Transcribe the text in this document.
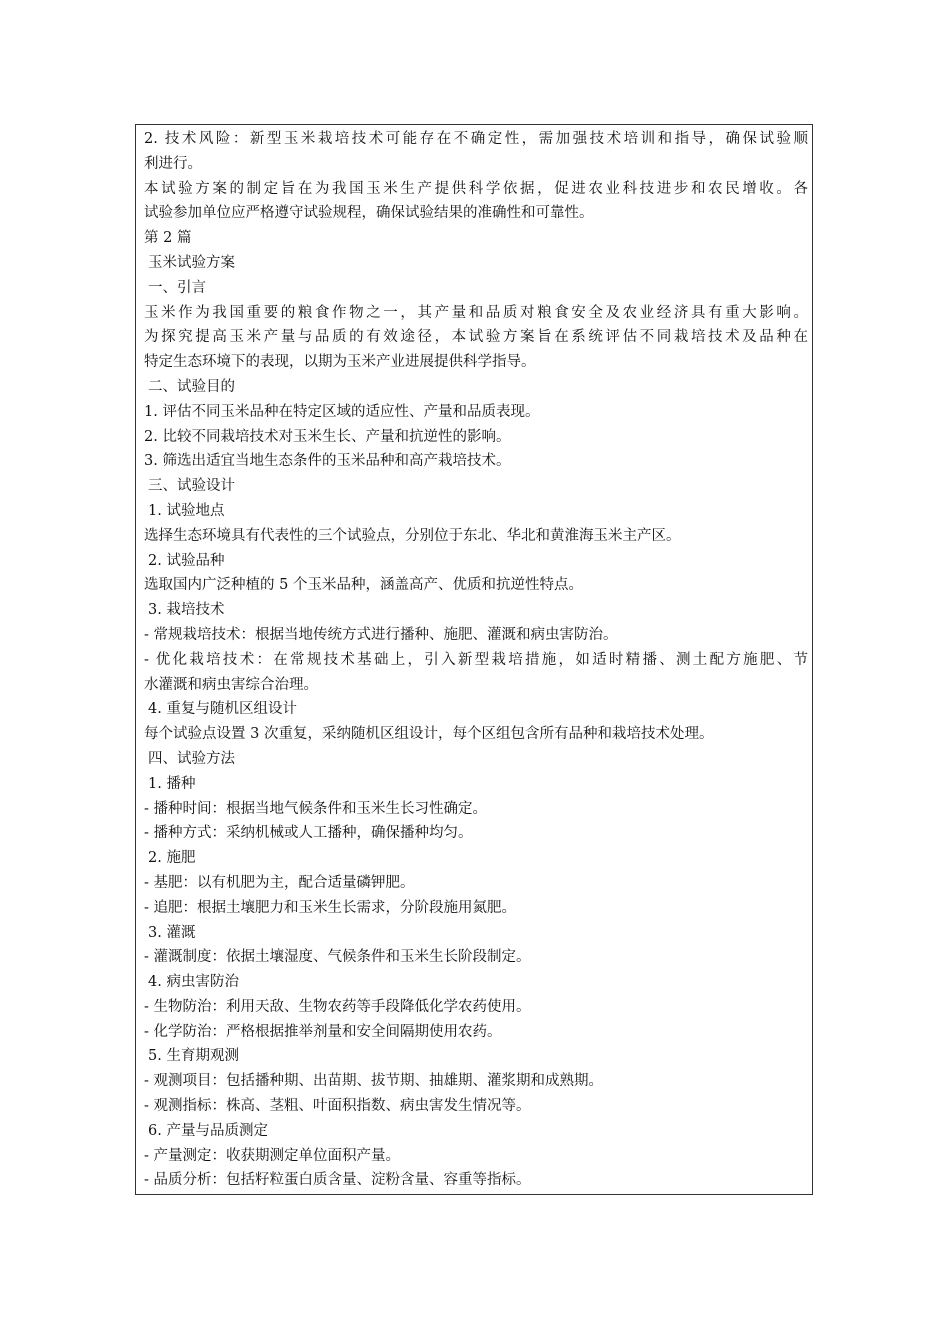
2. 技术风险：新型玉米栽培技术可能存在不确定性，需加强技术培训和指导，确保试验顺
利进行。
本试验方案的制定旨在为我国玉米生产提供科学依据，促进农业科技进步和农民增收。各
试验参加单位应严格遵守试验规程，确保试验结果的准确性和可靠性。
第 2 篇
玉米试验方案
一、引言
玉米作为我国重要的粮食作物之一，其产量和品质对粮食安全及农业经济具有重大影响。
为探究提高玉米产量与品质的有效途径，本试验方案旨在系统评估不同栽培技术及品种在
特定生态环境下的表现，以期为玉米产业进展提供科学指导。
二、试验目的
1. 评估不同玉米品种在特定区域的适应性、产量和品质表现。
2. 比较不同栽培技术对玉米生长、产量和抗逆性的影响。
3. 筛选出适宜当地生态条件的玉米品种和高产栽培技术。
三、试验设计
1. 试验地点
选择生态环境具有代表性的三个试验点，分别位于东北、华北和黄淮海玉米主产区。
2. 试验品种
选取国内广泛种植的 5 个玉米品种，涵盖高产、优质和抗逆性特点。
3. 栽培技术
- 常规栽培技术：根据当地传统方式进行播种、施肥、灌溉和病虫害防治。
- 优化栽培技术：在常规技术基础上，引入新型栽培措施，如适时精播、测土配方施肥、节
水灌溉和病虫害综合治理。
4. 重复与随机区组设计
每个试验点设置 3 次重复，采纳随机区组设计，每个区组包含所有品种和栽培技术处理。
四、试验方法
1. 播种
- 播种时间：根据当地气候条件和玉米生长习性确定。
- 播种方式：采纳机械或人工播种，确保播种均匀。
2. 施肥
- 基肥：以有机肥为主，配合适量磷钾肥。
- 追肥：根据土壤肥力和玉米生长需求，分阶段施用氮肥。
3. 灌溉
- 灌溉制度：依据土壤湿度、气候条件和玉米生长阶段制定。
4. 病虫害防治
- 生物防治：利用天敌、生物农药等手段降低化学农药使用。
- 化学防治：严格根据推举剂量和安全间隔期使用农药。
5. 生育期观测
- 观测项目：包括播种期、出苗期、拔节期、抽雄期、灌浆期和成熟期。
- 观测指标：株高、茎粗、叶面积指数、病虫害发生情况等。
6. 产量与品质测定
- 产量测定：收获期测定单位面积产量。
- 品质分析：包括籽粒蛋白质含量、淀粉含量、容重等指标。
